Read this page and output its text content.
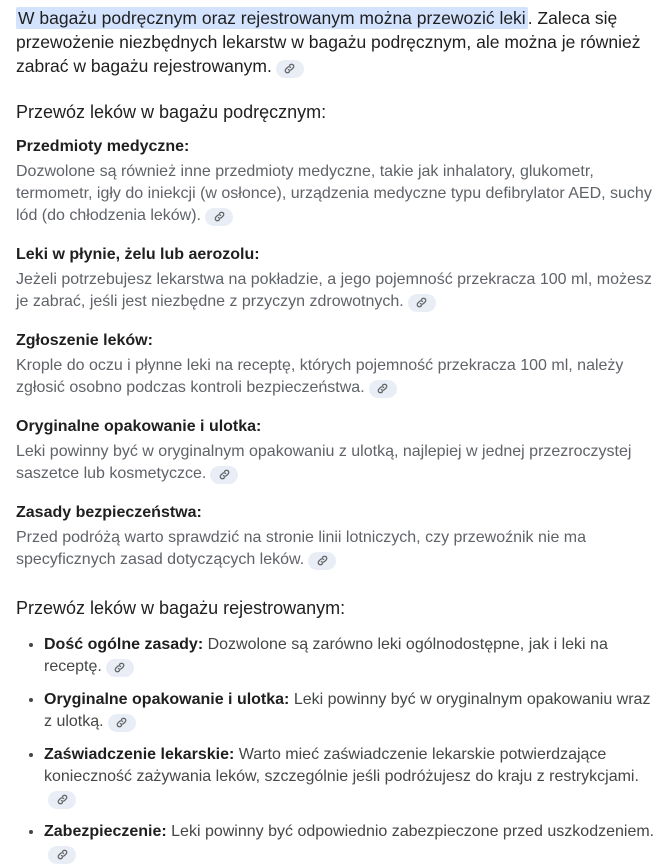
W bagażu podręcznym oraz rejestrowanym można przewozić leki . Zaleca się przewożenie niezbędnych lekarstw w bagażu podręcznym, ale można je również zabrać w bagażu rejestrowanym.

Przewóz leków w bagażu podręcznym:

Przedmioty medyczne:

Dozwolone są również inne przedmioty medyczne, takie jak inhalatory, glukometr, termometr, igły do iniekcji (w osłonce), urządzenia medyczne typu defibrylator AED, suchy lód (do chłodzenia leków).

Leki w płynie, żelu lub aerozolu:

Jeżeli potrzebujesz lekarstwa na pokładzie, a jego pojemność przekracza 100 ml, możesz je zabrać, jeśli jest niezbędne z przyczyn zdrowotnych.

Zgłoszenie leków:

Krople do oczu i płynne leki na receptę, których pojemność przekracza 100 ml, należy zgłosić osobno podczas kontroli bezpieczeństwa.

Oryginalne opakowanie i ulotka:

Leki powinny być w oryginalnym opakowaniu z ulotką, najlepiej w jednej przezroczystej saszetce lub kosmetyczce.

Zasady bezpieczeństwa:

Przed podróżą warto sprawdzić na stronie linii lotniczych, czy przewoźnik nie ma specyficznych zasad dotyczących leków.

Przewóz leków w bagażu rejestrowanym:
• Dość ogólne zasady: Dozwolone są zarówno leki ogólnodostępne, jak i leki na receptę.
• Oryginalne opakowanie i ulotka: Leki powinny być w oryginalnym opakowaniu wraz z ulotką.
• Zaświadczenie lekarskie: Warto mieć zaświadczenie lekarskie potwierdzające konieczność zażywania leków, szczególnie jeśli podróżujesz do kraju z restrykcjami.
• Zabezpieczenie: Leki powinny być odpowiednio zabezpieczone przed uszkodzeniem.
